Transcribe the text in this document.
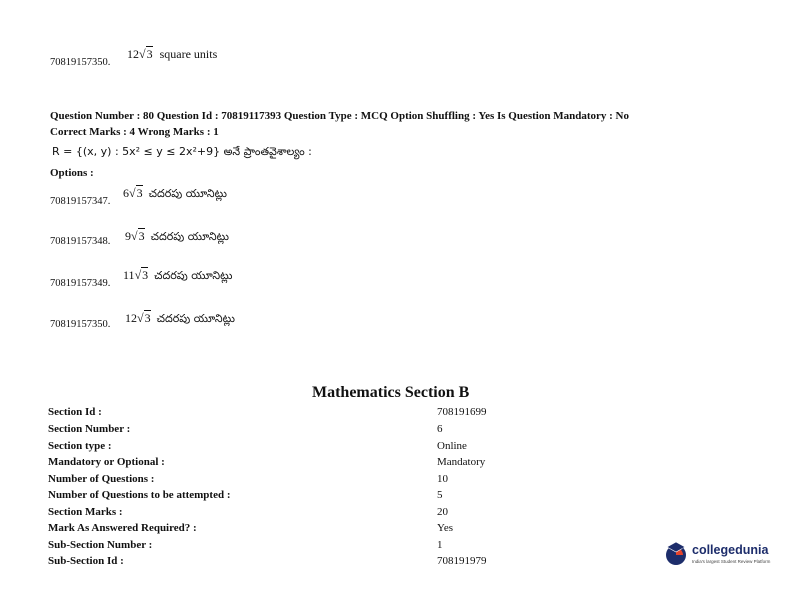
70819157350.
12√3 square units
Question Number : 80 Question Id : 70819117393 Question Type : MCQ Option Shuffling : Yes Is Question Mandatory : No
Correct Marks : 4 Wrong Marks : 1
R = {(x, y) : 5x² ≤ y ≤ 2x²+9} అనే ప్రాంతవైశాల్యం :
Options :
70819157347.
6√3 చదరపు యూనిట్లు
70819157348. 9√3 చదరపు యూనిట్లు
70819157349.
11√3 చదరపు యూనిట్లు
70819157350. 12√3 చదరపు యూనిట్లు
Mathematics Section B
Section Id :	708191699
Section Number :	6
Section type :	Online
Mandatory or Optional :	Mandatory
Number of Questions :	10
Number of Questions to be attempted :	5
Section Marks :	20
Mark As Answered Required? :	Yes
Sub-Section Number :	1
Sub-Section Id :	708191979
collegedunia
India's largest Student Review Platform
